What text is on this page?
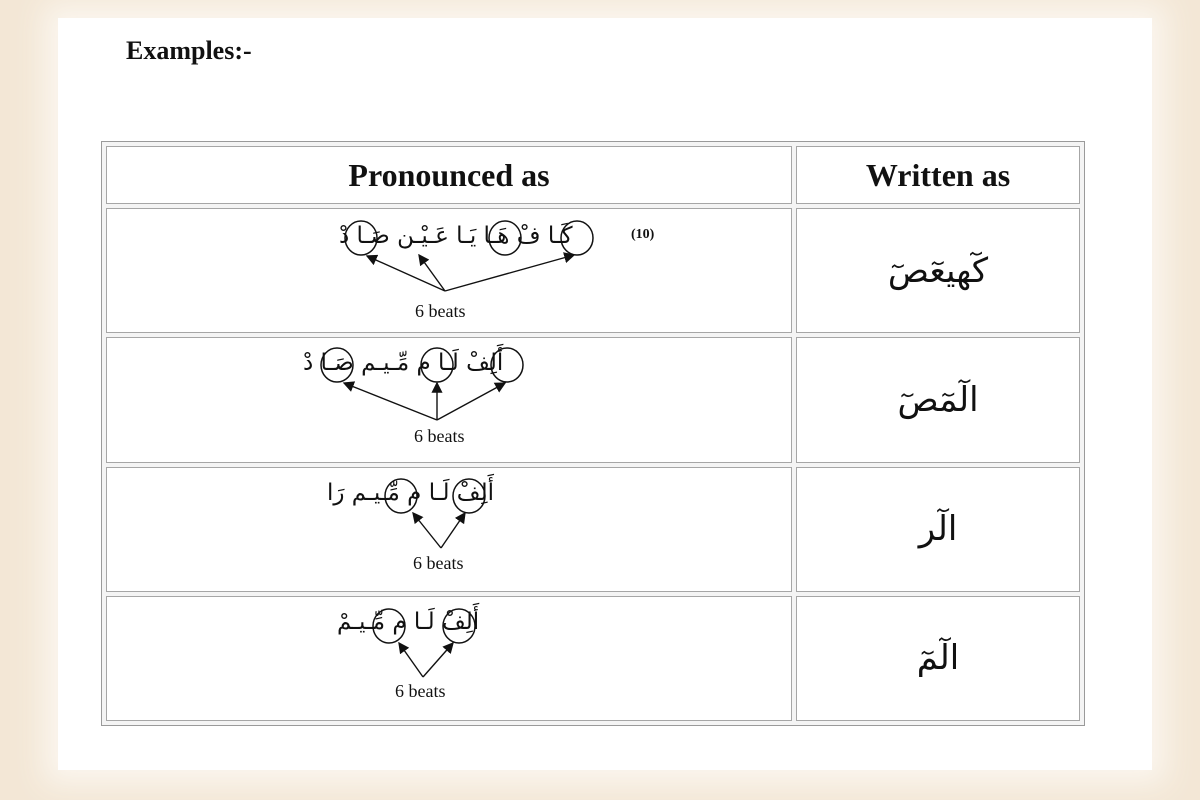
Examples:-
Pronounced as	Written as

كَـا فْ هَـا يَـا عَـيْـن صَـا دْ (10)
6 beats	كٓهيعٓصٓ

أَلِفْ لَـا م مِّـيـم صَـا دْ
6 beats	الٓمٓصٓ

أَلِفْ لَـا م مِّـيـم رَا
6 beats	الٓر

أَلِفْ لَـا م مِّـيـمْ
6 beats	الٓمٓ
